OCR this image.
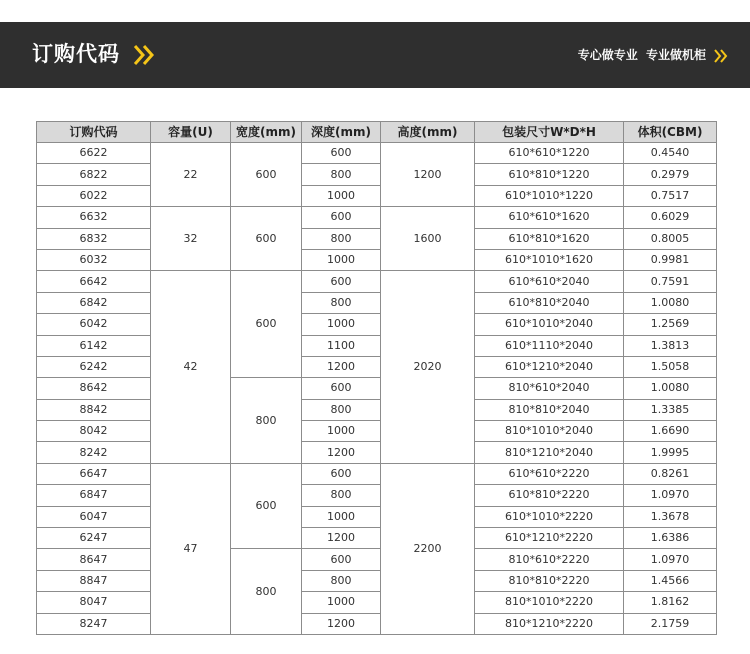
订购代码	专心做专业 专业做机柜
订购代码	容量(U)	宽度(mm)	深度(mm)	高度(mm)	包装尺寸W*D*H	体积(CBM)
6622	22	600	600	1200	610*610*1220	0.4540
6822			800		610*810*1220	0.2979
6022			1000		610*1010*1220	0.7517
6632	32	600	600	1600	610*610*1620	0.6029
6832			800		610*810*1620	0.8005
6032			1000		610*1010*1620	0.9981
6642	42	600	600	2020	610*610*2040	0.7591
6842			800		610*810*2040	1.0080
6042			1000		610*1010*2040	1.2569
6142			1100		610*1110*2040	1.3813
6242			1200		610*1210*2040	1.5058
8642		800	600		810*610*2040	1.0080
8842			800		810*810*2040	1.3385
8042			1000		810*1010*2040	1.6690
8242			1200		810*1210*2040	1.9995
6647	47	600	600	2200	610*610*2220	0.8261
6847			800		610*810*2220	1.0970
6047			1000		610*1010*2220	1.3678
6247			1200		610*1210*2220	1.6386
8647		800	600		810*610*2220	1.0970
8847			800		810*810*2220	1.4566
8047			1000		810*1010*2220	1.8162
8247			1200		810*1210*2220	2.1759
